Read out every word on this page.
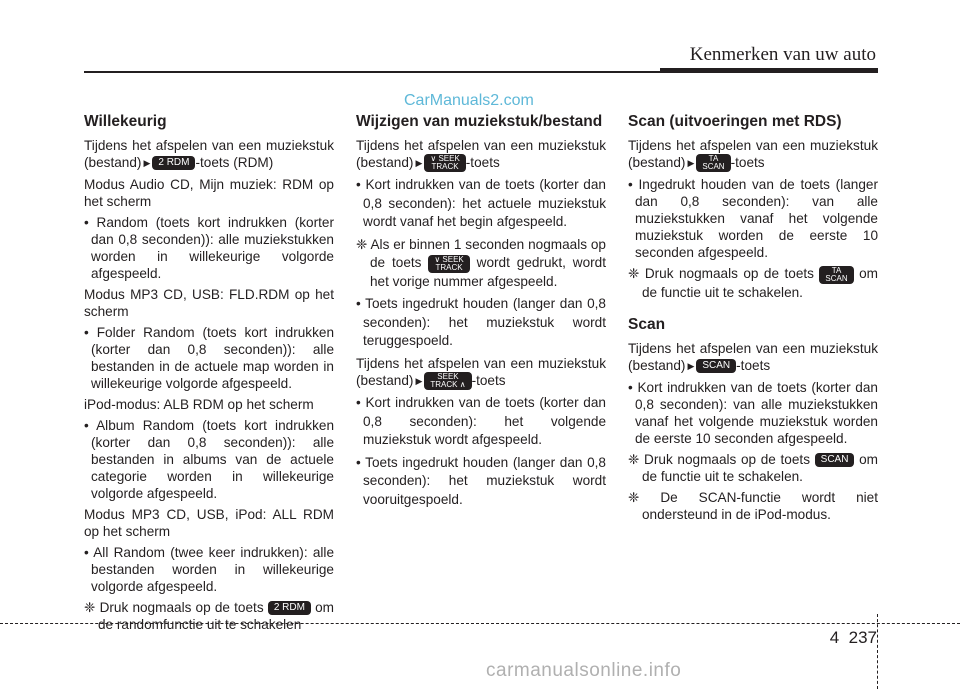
Kenmerken van uw auto
CarManuals2.com
Willekeurig

Tijdens het afspelen van een muziekstuk (bestand) ▶ 2 RDM -toets (RDM)

Modus Audio CD, Mijn muziek: RDM op het scherm

• Random (toets kort indrukken (korter dan 0,8 seconden)): alle muziekstukken worden in willekeurige volgorde afgespeeld.

Modus MP3 CD, USB: FLD.RDM op het scherm

• Folder Random (toets kort indrukken (korter dan 0,8 seconden)): alle bestanden in de actuele map worden in willekeurige volgorde afgespeeld.

iPod-modus: ALB RDM op het scherm

• Album Random (toets kort indrukken (korter dan 0,8 seconden)): alle bestanden in albums van de actuele categorie worden in willekeurige volgorde afgespeeld.

Modus MP3 CD, USB, iPod: ALL RDM op het scherm

• All Random (twee keer indrukken): alle bestanden worden in willekeurige volgorde afgespeeld.

❈ Druk nogmaals op de toets 2 RDM om de randomfunctie uit te schakelen

Wijzigen van muziekstuk/bestand

Tijdens het afspelen van een muziekstuk (bestand) ▶ ∨ SEEK
TRACK -toets

• Kort indrukken van de toets (korter dan 0,8 seconden): het actuele muziekstuk wordt vanaf het begin afgespeeld.

❈ Als er binnen 1 seconden nogmaals op de toets ∨ SEEK
TRACK wordt gedrukt, wordt het vorige nummer afgespeeld.

• Toets ingedrukt houden (langer dan 0,8 seconden): het muziekstuk wordt teruggespoeld.

Tijdens het afspelen van een muziekstuk (bestand) ▶ SEEK
TRACK ∧ -toets

• Kort indrukken van de toets (korter dan 0,8 seconden): het volgende muziekstuk wordt afgespeeld.

• Toets ingedrukt houden (langer dan 0,8 seconden): het muziekstuk wordt vooruitgespoeld.

Scan (uitvoeringen met RDS)

Tijdens het afspelen van een muziekstuk (bestand) ▶ TA
SCAN -toets

• Ingedrukt houden van de toets (langer dan 0,8 seconden): van alle muziekstukken vanaf het volgende muziekstuk worden de eerste 10 seconden afgespeeld.

❈ Druk nogmaals op de toets TA
SCAN om de functie uit te schakelen.

Scan

Tijdens het afspelen van een muziekstuk (bestand) ▶ SCAN -toets

• Kort indrukken van de toets (korter dan 0,8 seconden): van alle muziekstukken vanaf het volgende muziekstuk worden de eerste 10 seconden afgespeeld.

❈ Druk nogmaals op de toets SCAN om de functie uit te schakelen.

❈ De SCAN-functie wordt niet ondersteund in de iPod-modus.

4 237
carmanualsonline.info
